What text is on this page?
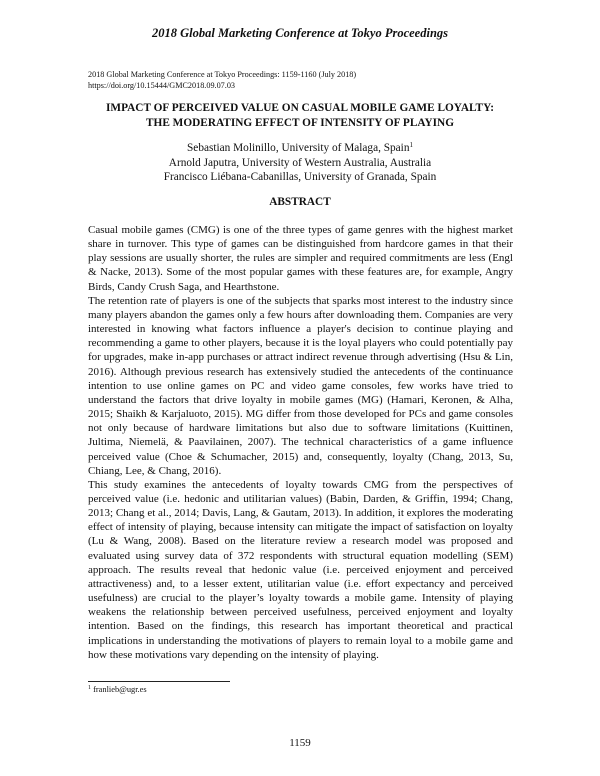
2018 Global Marketing Conference at Tokyo Proceedings
2018 Global Marketing Conference at Tokyo Proceedings: 1159-1160 (July 2018)
https://doi.org/10.15444/GMC2018.09.07.03
IMPACT OF PERCEIVED VALUE ON CASUAL MOBILE GAME LOYALTY:
THE MODERATING EFFECT OF INTENSITY OF PLAYING
Sebastian Molinillo, University of Malaga, Spain$^1$
Arnold Japutra, University of Western Australia, Australia
Francisco Liébana-Cabanillas, University of Granada, Spain
ABSTRACT

Casual mobile games (CMG) is one of the three types of game genres with the highest market share in turnover. This type of games can be distinguished from hardcore games in that their play sessions are usually shorter, the rules are simpler and required commitments are less (Engl & Nacke, 2013). Some of the most popular games with these features are, for example, Angry Birds, Candy Crush Saga, and Hearthstone.

The retention rate of players is one of the subjects that sparks most interest to the industry since many players abandon the games only a few hours after downloading them. Companies are very interested in knowing what factors influence a player's decision to continue playing and recommending a game to other players, because it is the loyal players who could potentially pay for upgrades, make in-app purchases or attract indirect revenue through advertising (Hsu & Lin, 2016). Although previous research has extensively studied the antecedents of the continuance intention to use online games on PC and video game consoles, few works have tried to understand the factors that drive loyalty in mobile games (MG) (Hamari, Keronen, & Alha, 2015; Shaikh & Karjaluoto, 2015). MG differ from those developed for PCs and game consoles not only because of hardware limitations but also due to software limitations (Kuittinen, Jultima, Niemelä, & Paavilainen, 2007). The technical characteristics of a game influence perceived value (Choe & Schumacher, 2015) and, consequently, loyalty (Chang, 2013, Su, Chiang, Lee, & Chang, 2016).

This study examines the antecedents of loyalty towards CMG from the perspectives of perceived value (i.e. hedonic and utilitarian values) (Babin, Darden, & Griffin, 1994; Chang, 2013; Chang et al., 2014; Davis, Lang, & Gautam, 2013). In addition, it explores the moderating effect of intensity of playing, because intensity can mitigate the impact of satisfaction on loyalty (Lu & Wang, 2008). Based on the literature review a research model was proposed and evaluated using survey data of 372 respondents with structural equation modelling (SEM) approach. The results reveal that hedonic value (i.e. perceived enjoyment and perceived attractiveness) and, to a lesser extent, utilitarian value (i.e. effort expectancy and perceived usefulness) are crucial to the player’s loyalty towards a mobile game. Intensity of playing weakens the relationship between perceived usefulness, perceived enjoyment and loyalty intention. Based on the findings, this research has important theoretical and practical implications in understanding the motivations of players to remain loyal to a mobile game and how these motivations vary depending on the intensity of playing.

$^1$ franlieb@ugr.es
1159
